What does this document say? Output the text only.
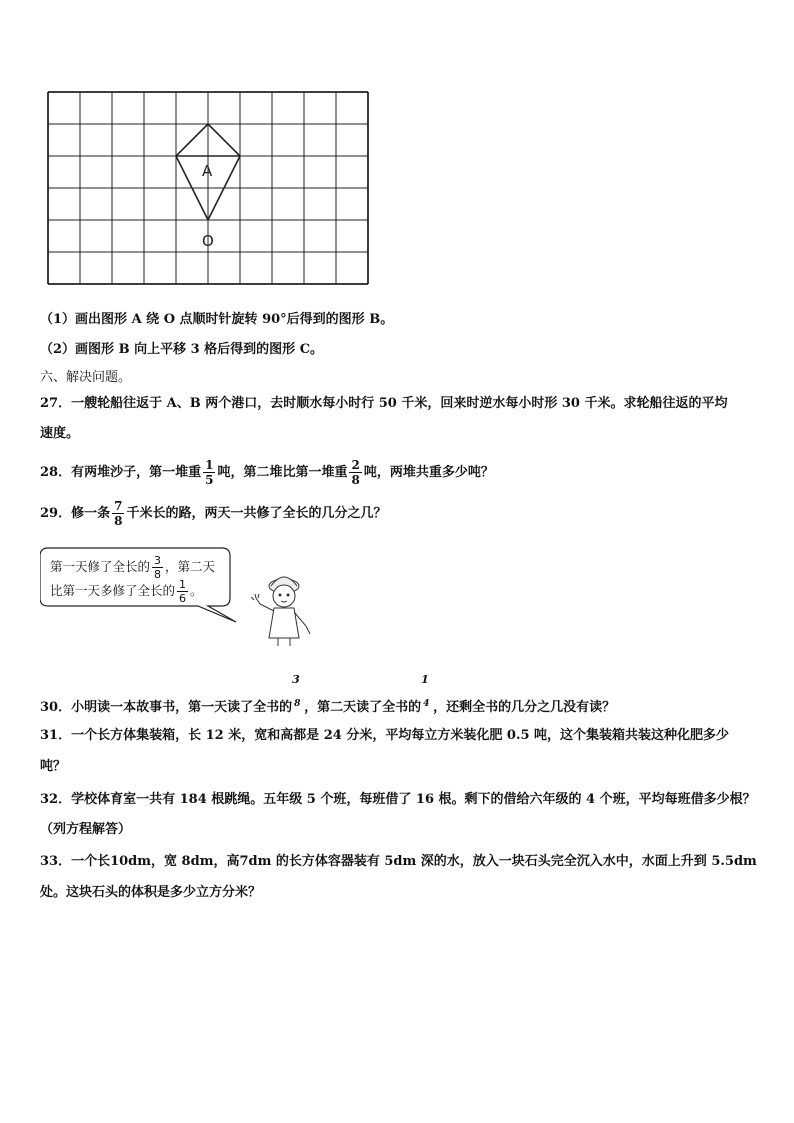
A
O
（1）画出图形 A 绕 O 点顺时针旋转 90°后得到的图形 B。
（2）画图形 B 向上平移 3 格后得到的图形 C。
六、解决问题。
27．一艘轮船往返于 A、B 两个港口，去时顺水每小时行 50 千米，回来时逆水每小时形 30 千米。求轮船往返的平均
速度。
28．有两堆沙子，第一堆重 $\frac{1}{5}$ 吨，第二堆比第一堆重 $\frac{2}{8}$ 吨，两堆共重多少吨？
29．修一条 $\frac{7}{8}$ 千米长的路，两天一共修了全长的几分之几？
第一天修了全长的 $\frac{3}{8}$ ，第二天
比第一天多修了全长的 $\frac{1}{6}$ 。
30．小明读一本故事书，第一天读了全书的
3
8 ，第二天读了全书的
1
4 ，还剩全书的几分之几没有读？
31．一个长方体集装箱，长 12 米，宽和高都是 24 分米，平均每立方米装化肥 0.5 吨，这个集装箱共装这种化肥多少
吨？
32．学校体育室一共有 184 根跳绳。五年级 5 个班，每班借了 16 根。剩下的借给六年级的 4 个班，平均每班借多少根？
（列方程解答）
33．一个长10dm，宽 8dm，高7dm 的长方体容器装有 5dm 深的水，放入一块石头完全沉入水中，水面上升到 5.5dm
处。这块石头的体积是多少立方分米？
